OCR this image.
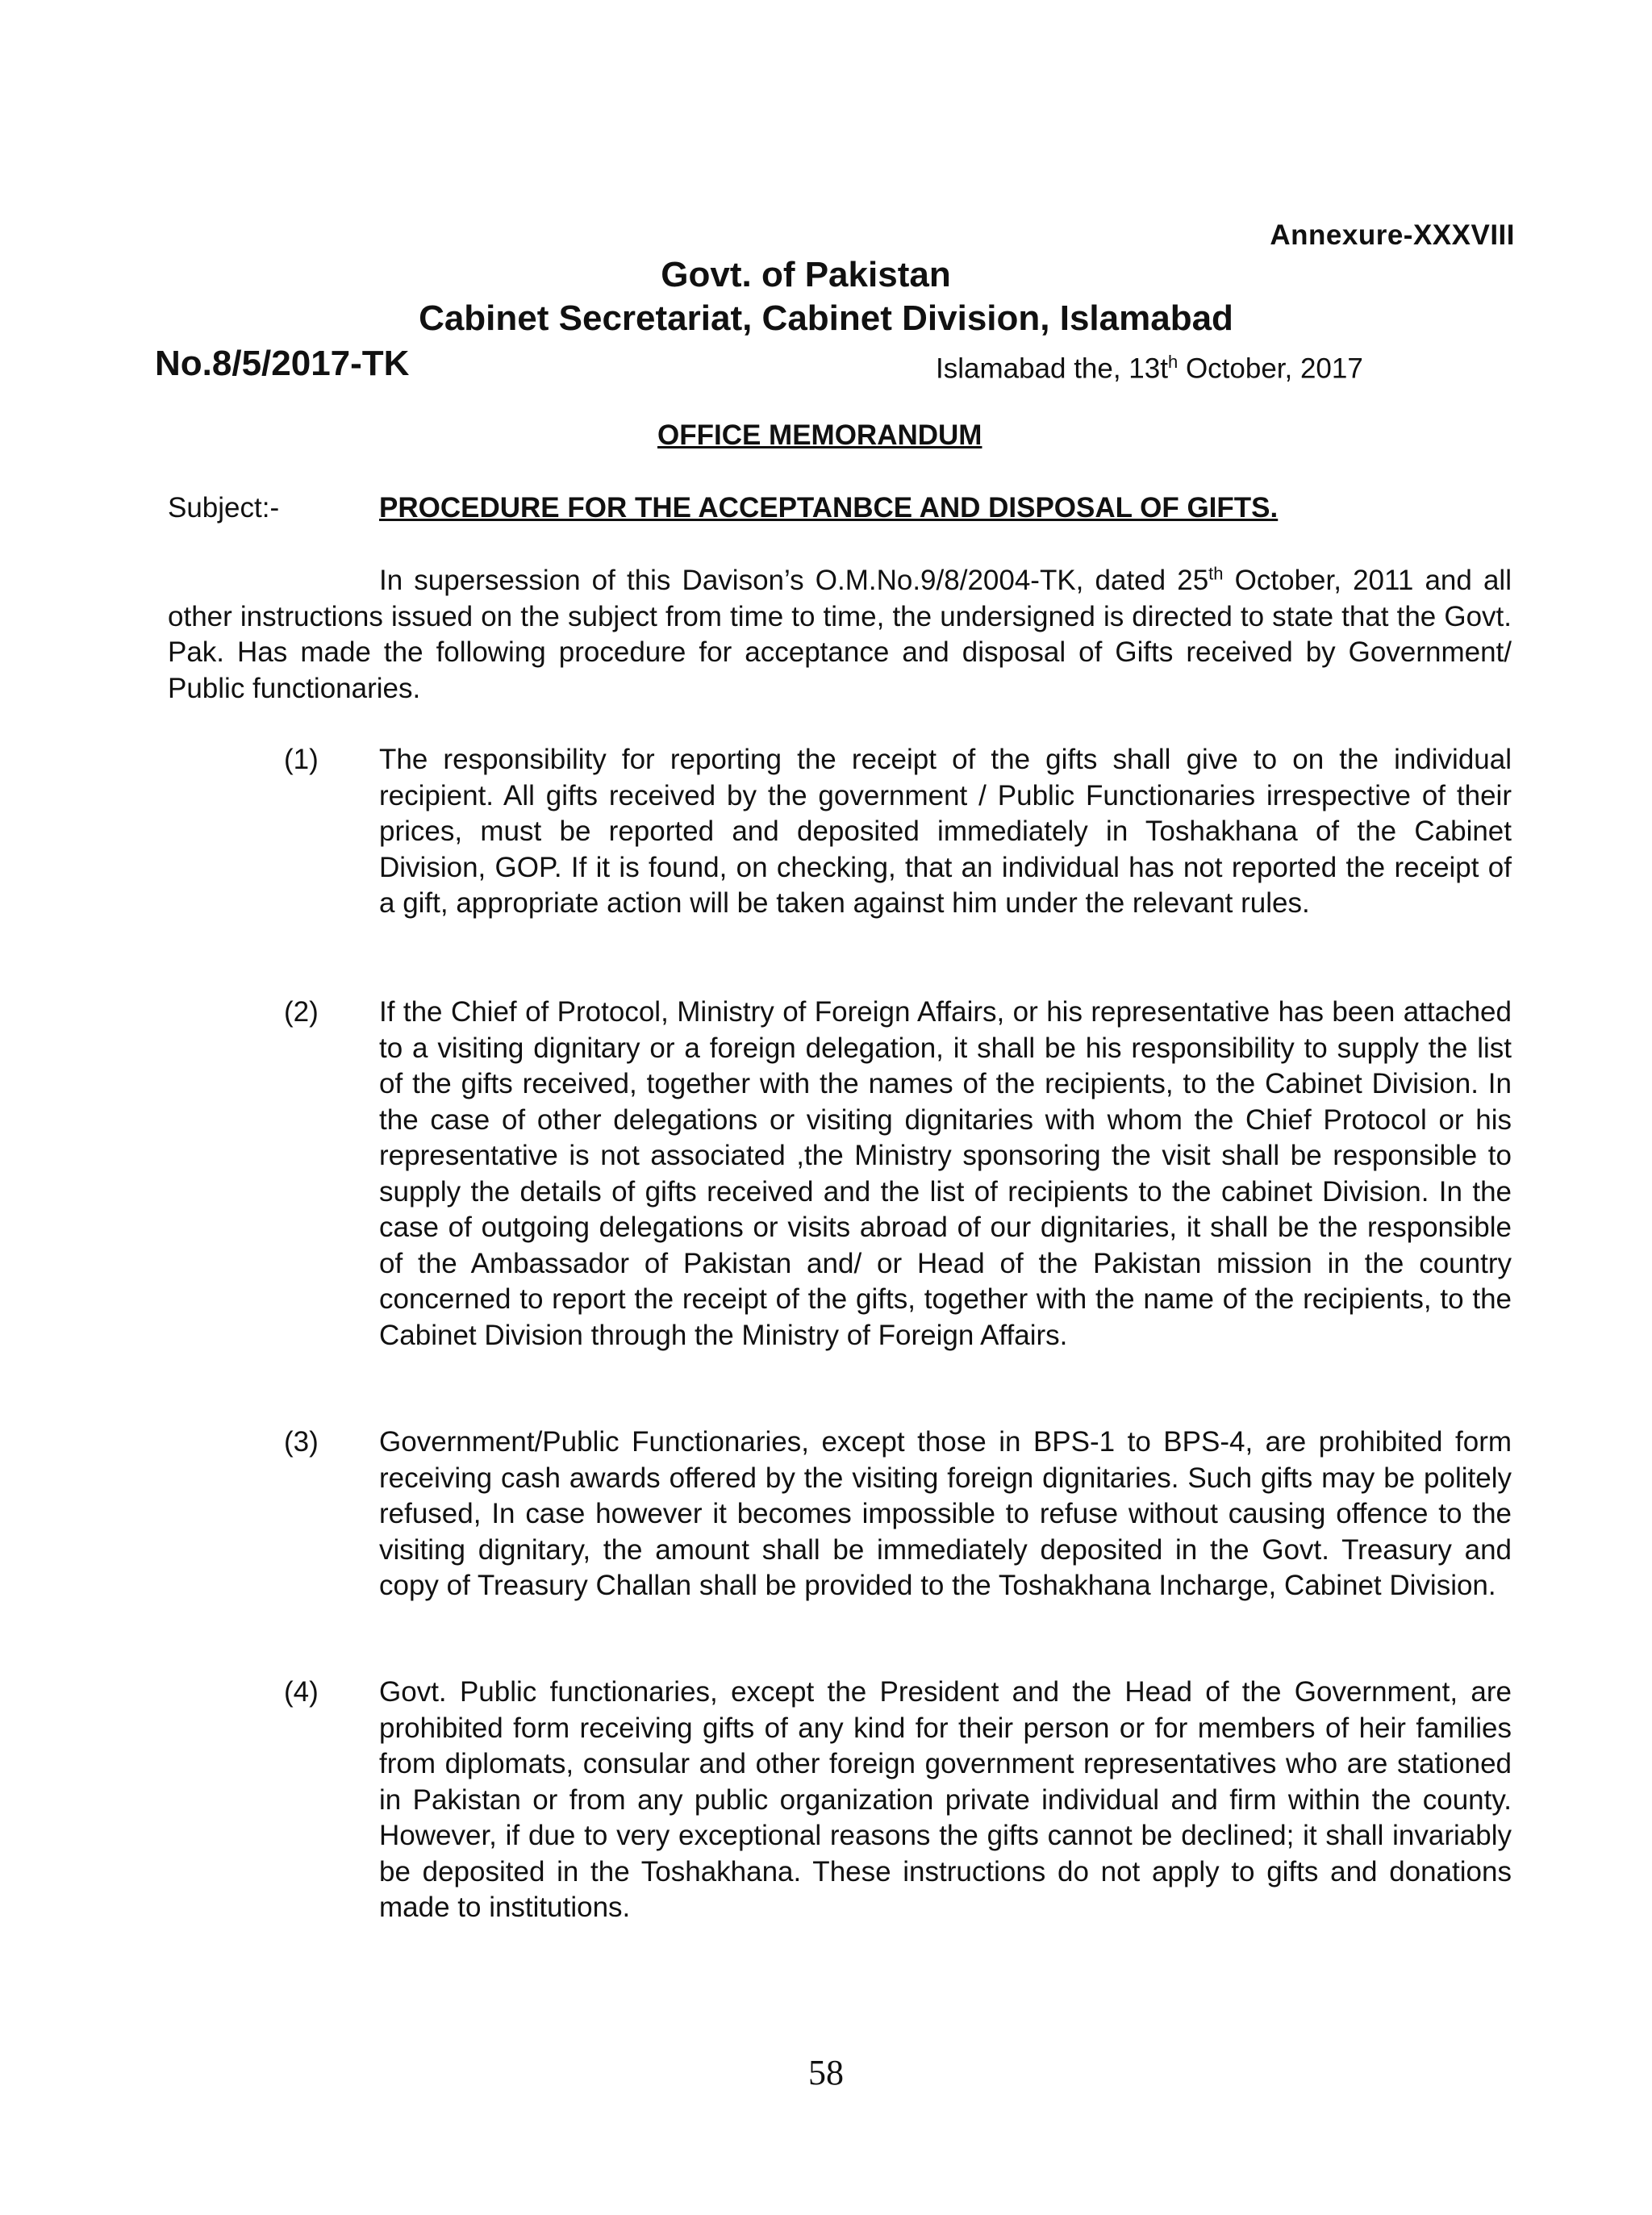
Annexure-XXXVIII
Govt. of Pakistan
Cabinet Secretariat, Cabinet Division, Islamabad
No.8/5/2017-TK	Islamabad the, $13t^h$ October, 2017
OFFICE MEMORANDUM
Subject:-	PROCEDURE FOR THE ACCEPTANBCE AND DISPOSAL OF GIFTS.
In supersession of this Davison’s O.M.No.9/8/2004-TK, dated 25th October, 2011 and all other instructions issued on the subject from time to time, the undersigned is directed to state that the Govt. Pak. Has made the following procedure for acceptance and disposal of Gifts received by Government/ Public functionaries.
(1) The responsibility for reporting the receipt of the gifts shall give to on the individual recipient. All gifts received by the government / Public Functionaries irrespective of their prices, must be reported and deposited immediately in Toshakhana of the Cabinet Division, GOP. If it is found, on checking, that an individual has not reported the receipt of a gift, appropriate action will be taken against him under the relevant rules.
(2) If the Chief of Protocol, Ministry of Foreign Affairs, or his representative has been attached to a visiting dignitary or a foreign delegation, it shall be his responsibility to supply the list of the gifts received, together with the names of the recipients, to the Cabinet Division. In the case of other delegations or visiting dignitaries with whom the Chief Protocol or his representative is not associated ,the Ministry sponsoring the visit shall be responsible to supply the details of gifts received and the list of recipients to the cabinet Division. In the case of outgoing delegations or visits abroad of our dignitaries, it shall be the responsible of the Ambassador of Pakistan and/ or Head of the Pakistan mission in the country concerned to report the receipt of the gifts, together with the name of the recipients, to the Cabinet Division through the Ministry of Foreign Affairs.
(3) Government/Public Functionaries, except those in BPS-1 to BPS-4, are prohibited form receiving cash awards offered by the visiting foreign dignitaries. Such gifts may be politely refused, In case however it becomes impossible to refuse without causing offence to the visiting dignitary, the amount shall be immediately deposited in the Govt. Treasury and copy of Treasury Challan shall be provided to the Toshakhana Incharge, Cabinet Division.
(4) Govt. Public functionaries, except the President and the Head of the Government, are prohibited form receiving gifts of any kind for their person or for members of heir families from diplomats, consular and other foreign government representatives who are stationed in Pakistan or from any public organization private individual and firm within the county. However, if due to very exceptional reasons the gifts cannot be declined; it shall invariably be deposited in the Toshakhana. These instructions do not apply to gifts and donations made to institutions.
58
